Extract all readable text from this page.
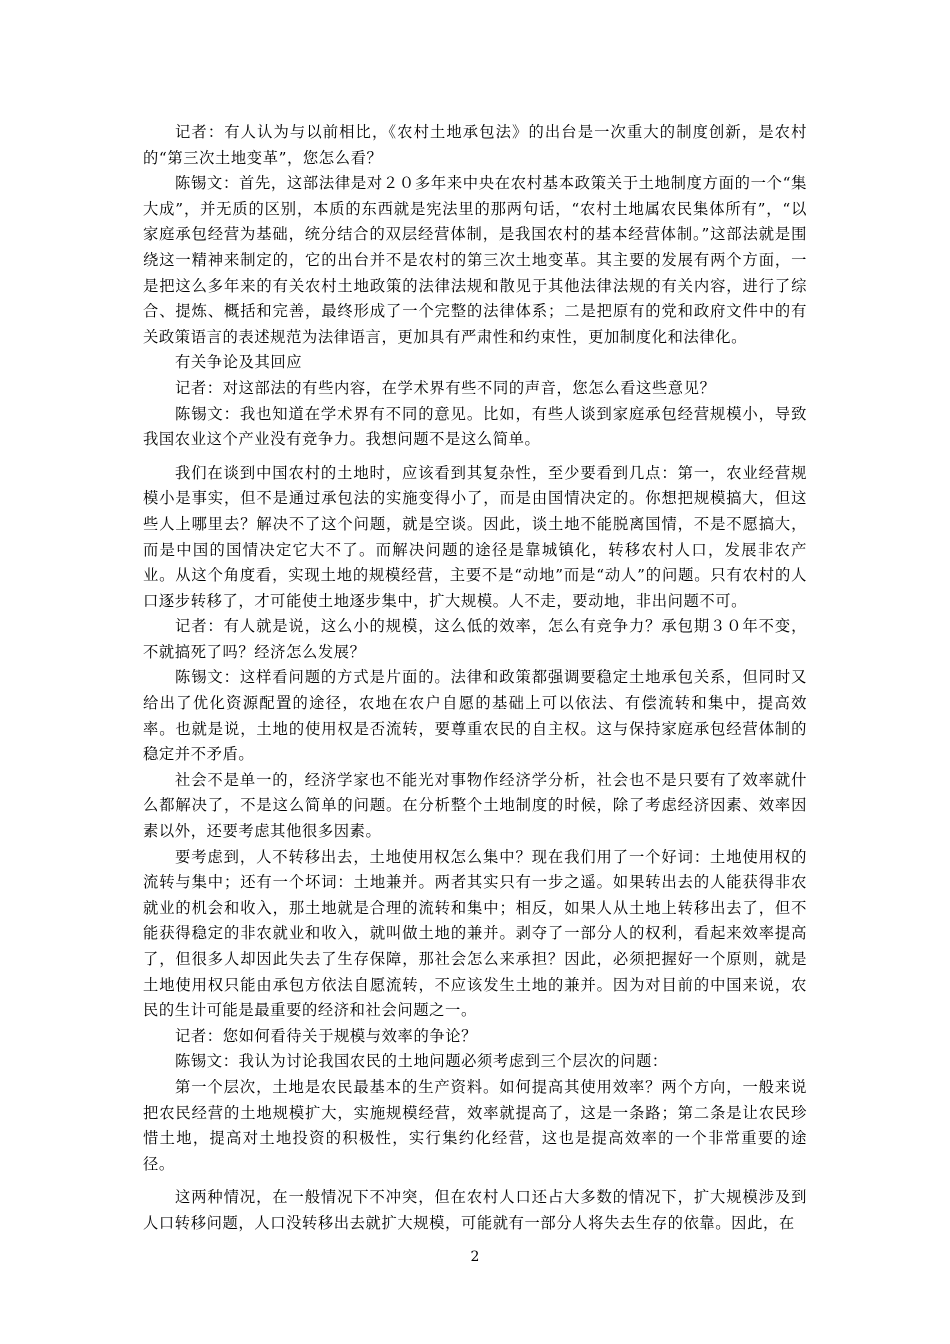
记者：有人认为与以前相比，《农村土地承包法》的出台是一次重大的制度创新，是农村的“第三次土地变革”，您怎么看？

陈锡文：首先，这部法律是对２０多年来中央在农村基本政策关于土地制度方面的一个“集大成”，并无质的区别，本质的东西就是宪法里的那两句话，“农村土地属农民集体所有”，“以家庭承包经营为基础，统分结合的双层经营体制，是我国农村的基本经营体制。”这部法就是围绕这一精神来制定的，它的出台并不是农村的第三次土地变革。其主要的发展有两个方面，一是把这么多年来的有关农村土地政策的法律法规和散见于其他法律法规的有关内容，进行了综合、提炼、概括和完善，最终形成了一个完整的法律体系；二是把原有的党和政府文件中的有关政策语言的表述规范为法律语言，更加具有严肃性和约束性，更加制度化和法律化。

有关争论及其回应

记者：对这部法的有些内容，在学术界有些不同的声音，您怎么看这些意见？

陈锡文：我也知道在学术界有不同的意见。比如，有些人谈到家庭承包经营规模小，导致我国农业这个产业没有竞争力。我想问题不是这么简单。

我们在谈到中国农村的土地时，应该看到其复杂性，至少要看到几点：第一，农业经营规模小是事实，但不是通过承包法的实施变得小了，而是由国情决定的。你想把规模搞大，但这些人上哪里去？解决不了这个问题，就是空谈。因此，谈土地不能脱离国情，不是不愿搞大，而是中国的国情决定它大不了。而解决问题的途径是靠城镇化，转移农村人口，发展非农产业。从这个角度看，实现土地的规模经营，主要不是“动地”而是“动人”的问题。只有农村的人口逐步转移了，才可能使土地逐步集中，扩大规模。人不走，要动地，非出问题不可。

记者：有人就是说，这么小的规模，这么低的效率，怎么有竞争力？承包期３０年不变，不就搞死了吗？经济怎么发展？

陈锡文：这样看问题的方式是片面的。法律和政策都强调要稳定土地承包关系，但同时又给出了优化资源配置的途径，农地在农户自愿的基础上可以依法、有偿流转和集中，提高效率。也就是说，土地的使用权是否流转，要尊重农民的自主权。这与保持家庭承包经营体制的稳定并不矛盾。

社会不是单一的，经济学家也不能光对事物作经济学分析，社会也不是只要有了效率就什么都解决了，不是这么简单的问题。在分析整个土地制度的时候，除了考虑经济因素、效率因素以外，还要考虑其他很多因素。

要考虑到，人不转移出去，土地使用权怎么集中？现在我们用了一个好词：土地使用权的流转与集中；还有一个坏词：土地兼并。两者其实只有一步之遥。如果转出去的人能获得非农就业的机会和收入，那土地就是合理的流转和集中；相反，如果人从土地上转移出去了，但不能获得稳定的非农就业和收入，就叫做土地的兼并。剥夺了一部分人的权利，看起来效率提高了，但很多人却因此失去了生存保障，那社会怎么来承担？因此，必须把握好一个原则，就是土地使用权只能由承包方依法自愿流转，不应该发生土地的兼并。因为对目前的中国来说，农民的生计可能是最重要的经济和社会问题之一。

记者：您如何看待关于规模与效率的争论？

陈锡文：我认为讨论我国农民的土地问题必须考虑到三个层次的问题：

第一个层次，土地是农民最基本的生产资料。如何提高其使用效率？两个方向，一般来说把农民经营的土地规模扩大，实施规模经营，效率就提高了，这是一条路；第二条是让农民珍惜土地，提高对土地投资的积极性，实行集约化经营，这也是提高效率的一个非常重要的途径。

这两种情况，在一般情况下不冲突，但在农村人口还占大多数的情况下，扩大规模涉及到人口转移问题，人口没转移出去就扩大规模，可能就有一部分人将失去生存的依靠。因此，在

2
